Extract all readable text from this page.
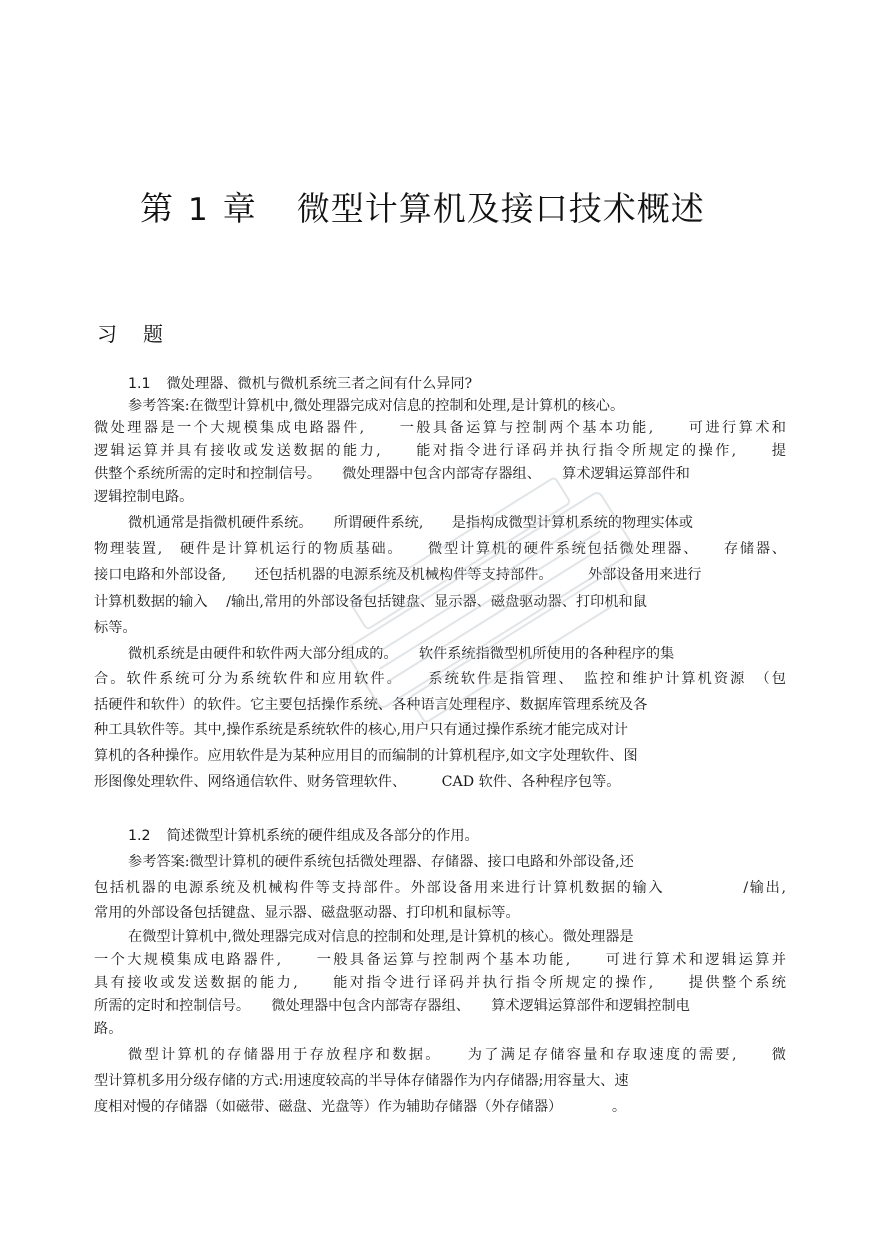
第 1 章 微型计算机及接口技术概述
习题
1.1 微处理器、微机与微机系统三者之间有什么异同?
参考答案:在微型计算机中,微处理器完成对信息的控制和处理,是计算机的核心。
微处理器是一个大规模集成电路器件,　　一般具备运算与控制两个基本功能,　　可进行算术和
逻辑运算并具有接收或发送数据的能力,　　能对指令进行译码并执行指令所规定的操作,　　提
供整个系统所需的定时和控制信号。　　微处理器中包含内部寄存器组、　　算术逻辑运算部件和
逻辑控制电路。
微机通常是指微机硬件系统。　　所谓硬件系统,　　是指构成微型计算机系统的物理实体或
物理装置,　硬件是计算机运行的物质基础。　　微型计算机的硬件系统包括微处理器、　　存储器、
接口电路和外部设备,　　还包括机器的电源系统及机械构件等支持部件。　　　外部设备用来进行
计算机数据的输入　 /输出,常用的外部设备包括键盘、显示器、磁盘驱动器、打印机和鼠
标等。
微机系统是由硬件和软件两大部分组成的。　　软件系统指微型机所使用的各种程序的集
合。软件系统可分为系统软件和应用软件。　　系统软件是指管理、　监控和维护计算机资源　（包
括硬件和软件）的软件。它主要包括操作系统、各种语言处理程序、数据库管理系统及各
种工具软件等。其中,操作系统是系统软件的核心,用户只有通过操作系统才能完成对计
算机的各种操作。应用软件是为某种应用目的而编制的计算机程序,如文字处理软件、图
形图像处理软件、网络通信软件、财务管理软件、　　　CAD 软件、各种程序包等。
1.2 简述微型计算机系统的硬件组成及各部分的作用。
参考答案:微型计算机的硬件系统包括微处理器、存储器、接口电路和外部设备,还
包括机器的电源系统及机械构件等支持部件。外部设备用来进行计算机数据的输入　　　　　/输出,
常用的外部设备包括键盘、显示器、磁盘驱动器、打印机和鼠标等。
在微型计算机中,微处理器完成对信息的控制和处理,是计算机的核心。微处理器是
一个大规模集成电路器件,　　一般具备运算与控制两个基本功能,　　可进行算术和逻辑运算并
具有接收或发送数据的能力,　　能对指令进行译码并执行指令所规定的操作,　　提供整个系统
所需的定时和控制信号。　　微处理器中包含内部寄存器组、　　算术逻辑运算部件和逻辑控制电
路。
微型计算机的存储器用于存放程序和数据。　　为了满足存储容量和存取速度的需要,　　微
型计算机多用分级存储的方式:用速度较高的半导体存储器作为内存储器;用容量大、速
度相对慢的存储器（如磁带、磁盘、光盘等）作为辅助存储器（外存储器）　　　　。
